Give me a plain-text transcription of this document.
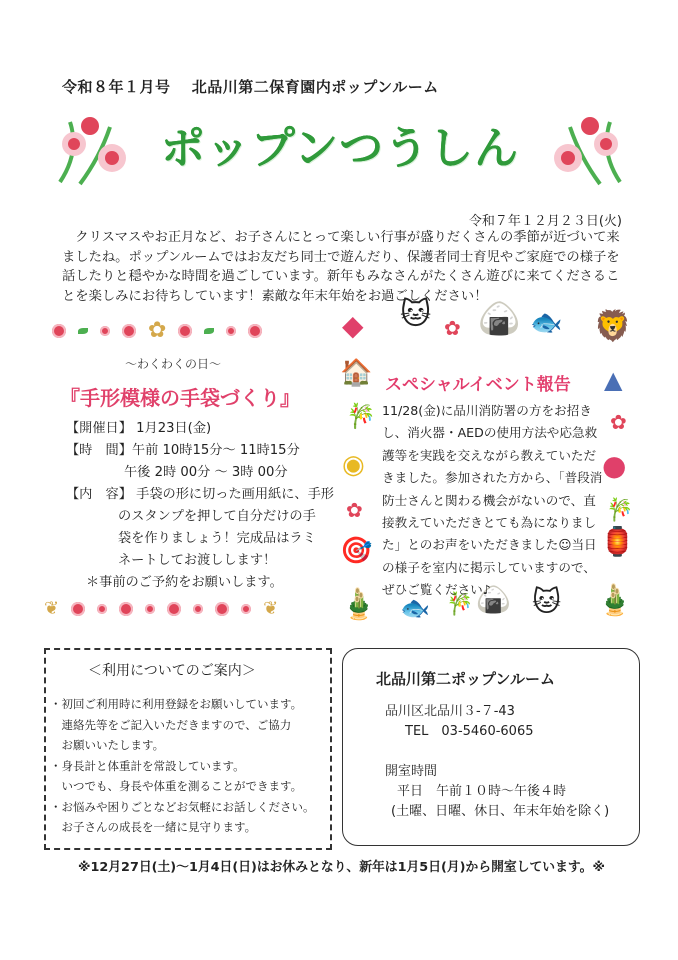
令和８年１月号　 北品川第二保育園内ポップンルーム
ポップンつうしん
令和７年１２月２３日(火)
クリスマスやお正月など、お子さんにとって楽しい行事が盛りだくさんの季節が近づいて来ましたね。ポップンルームではお友だち同士で遊んだり、保護者同士育児やご家庭での様子を話したりと穏やかな時間を過ごしています。新年もみなさんがたくさん遊びに来てくださることを楽しみにお待ちしています！素敵な年末年始をお過ごしください！
✿
～わくわくの日～
『手形模様の手袋づくり』
【開催日】 1月23日(金)
【時　間】午前 10時15分～ 11時15分
午後 2時 00分 ～ 3時 00分
【内　容】 手袋の形に切った画用紙に、手形
のスタンプを押して自分だけの手
袋を作りましょう！完成品はラミ
ネートしてお渡しします！
＊事前のご予約をお願いします。
❦	❦
◆ 🐱 ✿ 🍙 🐟 🦁
🏠	▲
🎋	✿
◉	●
✿	🎋
🎯	🏮
🎍 🐟 🎋 🍙 🐱 🎍
スペシャルイベント報告
11/28(金)に品川消防署の方をお招きし、消火器・AEDの使用方法や応急救護等を実践を交えながら教えていただきました。参加された方から、「普段消防士さんと関わる機会がないので、直接教えていただきとても為になりました」とのお声をいただきました☺当日の様子を室内に掲示していますので、ぜひご覧ください♪
＜利用についてのご案内＞
・初回ご利用時に利用登録をお願いしています。
　連絡先等をご記入いただきますので、ご協力
　お願いいたします。
・身長計と体重計を常設しています。
　いつでも、身長や体重を測ることができます。
・お悩みや困りごとなどお気軽にお話しください。
　お子さんの成長を一緒に見守ります。
北品川第二ポップンルーム
品川区北品川３-７-43
TEL　03-5460-6065
開室時間
平日　午前１０時～午後４時
(土曜、日曜、休日、年末年始を除く)
※12月27日(土)～1月4日(日)はお休みとなり、新年は1月5日(月)から開室しています。※
